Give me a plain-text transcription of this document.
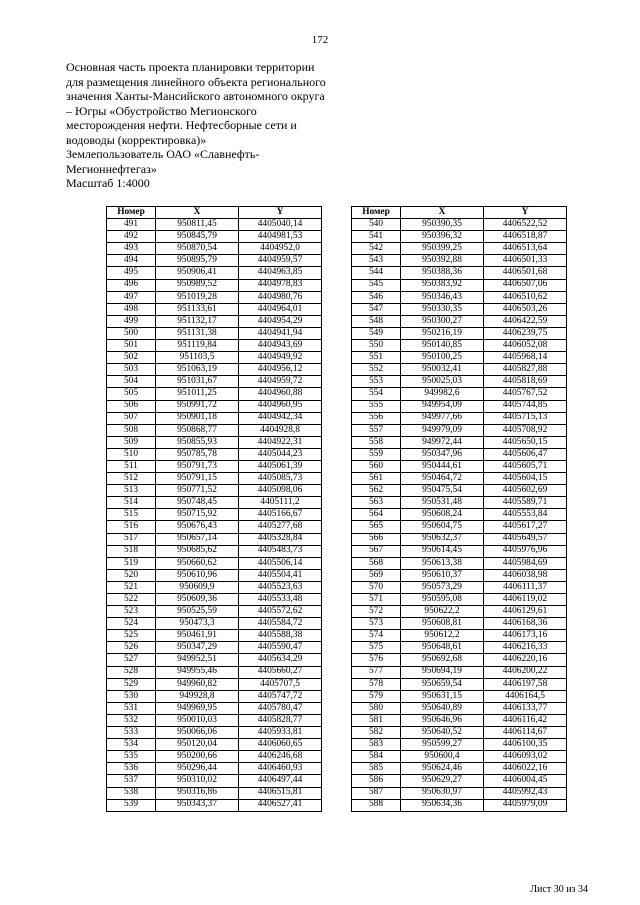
172
Основная часть проекта планировки территории
для размещения линейного объекта регионального
значения Ханты-Мансийского автономного округа
– Югры «Обустройство Мегионского
месторождения нефти. Нефтесборные сети и
водоводы (корректировка)»
Землепользователь ОАО «Славнефть-
Мегионнефтегаз»
Масштаб 1:4000
Номер	X	Y
491	950811,45	4405040,14
492	950845,79	4404981,53
493	950870,54	4404952,0
494	950895,79	4404959,57
495	950906,41	4404963,85
496	950989,52	4404978,83
497	951019,28	4404980,76
498	951133,61	4404964,01
499	951132,17	4404954,29
500	951131,38	4404941,94
501	951119,84	4404943,69
502	951103,5	4404949,92
503	951063,19	4404956,12
504	951031,67	4404959,72
505	951011,25	4404960,88
506	950991,72	4404960,95
507	950901,18	4404942,34
508	950868,77	4404928,8
509	950855,93	4404922,31
510	950785,78	4405044,23
511	950791,73	4405061,39
512	950791,15	4405085,73
513	950771,52	4405098,06
514	950748,45	4405111,2
515	950715,92	4405166,67
516	950676,43	4405277,68
517	950657,14	4405328,84
518	950685,62	4405483,73
519	950660,62	4405506,14
520	950610,96	4405504,41
521	950609,9	4405523,63
522	950609,36	4405533,48
523	950525,59	4405572,62
524	950473,3	4405584,72
525	950461,91	4405588,38
526	950347,29	4405590,47
527	949952,51	4405634,29
528	949955,46	4405660,27
529	949960,82	4405707,5
530	949928,8	4405747,72
531	949969,95	4405780,47
532	950010,03	4405828,77
533	950066,06	4405933,81
534	950120,04	4406060,65
535	950200,66	4406246,68
536	950296,44	4406460,93
537	950310,02	4406497,44
538	950316,86	4406515,81
539	950343,37	4406527,41
Номер	X	Y
540	950390,35	4406522,52
541	950396,32	4406518,87
542	950399,25	4406513,64
543	950392,88	4406501,33
544	950388,36	4406501,68
545	950383,92	4406507,06
546	950346,43	4406510,62
547	950330,35	4406503,26
548	950300,27	4406422,59
549	950216,19	4406239,75
550	950140,85	4406052,08
551	950100,25	4405968,14
552	950032,41	4405827,88
553	950025,03	4405818,69
554	949982,6	4405767,52
555	949954,09	4405744,85
556	949977,66	4405715,13
557	949979,09	4405708,92
558	949972,44	4405650,15
559	950347,96	4405606,47
560	950444,61	4405605,71
561	950464,72	4405604,15
562	950475,54	4405602,69
563	950531,48	4405589,71
564	950608,24	4405553,84
565	950604,75	4405617,27
566	950632,37	4405649,57
567	950614,45	4405976,96
568	950613,38	4405984,69
569	950610,37	4406038,98
570	950573,29	4406111,37
571	950595,08	4406119,02
572	950622,2	4406129,61
573	950608,81	4406168,36
574	950612,2	4406173,16
575	950648,61	4406216,33
576	950692,68	4406220,16
577	950694,19	4406200,22
578	950659,54	4406197,58
579	950631,15	4406164,5
580	950640,89	4406133,77
581	950646,96	4406116,42
582	950640,52	4406114,67
583	950599,27	4406100,35
584	950600,4	4406093,02
585	950624,46	4406022,16
586	950629,27	4406004,45
587	950630,97	4405992,43
588	950634,36	4405979,09
Лист 30 из 34
